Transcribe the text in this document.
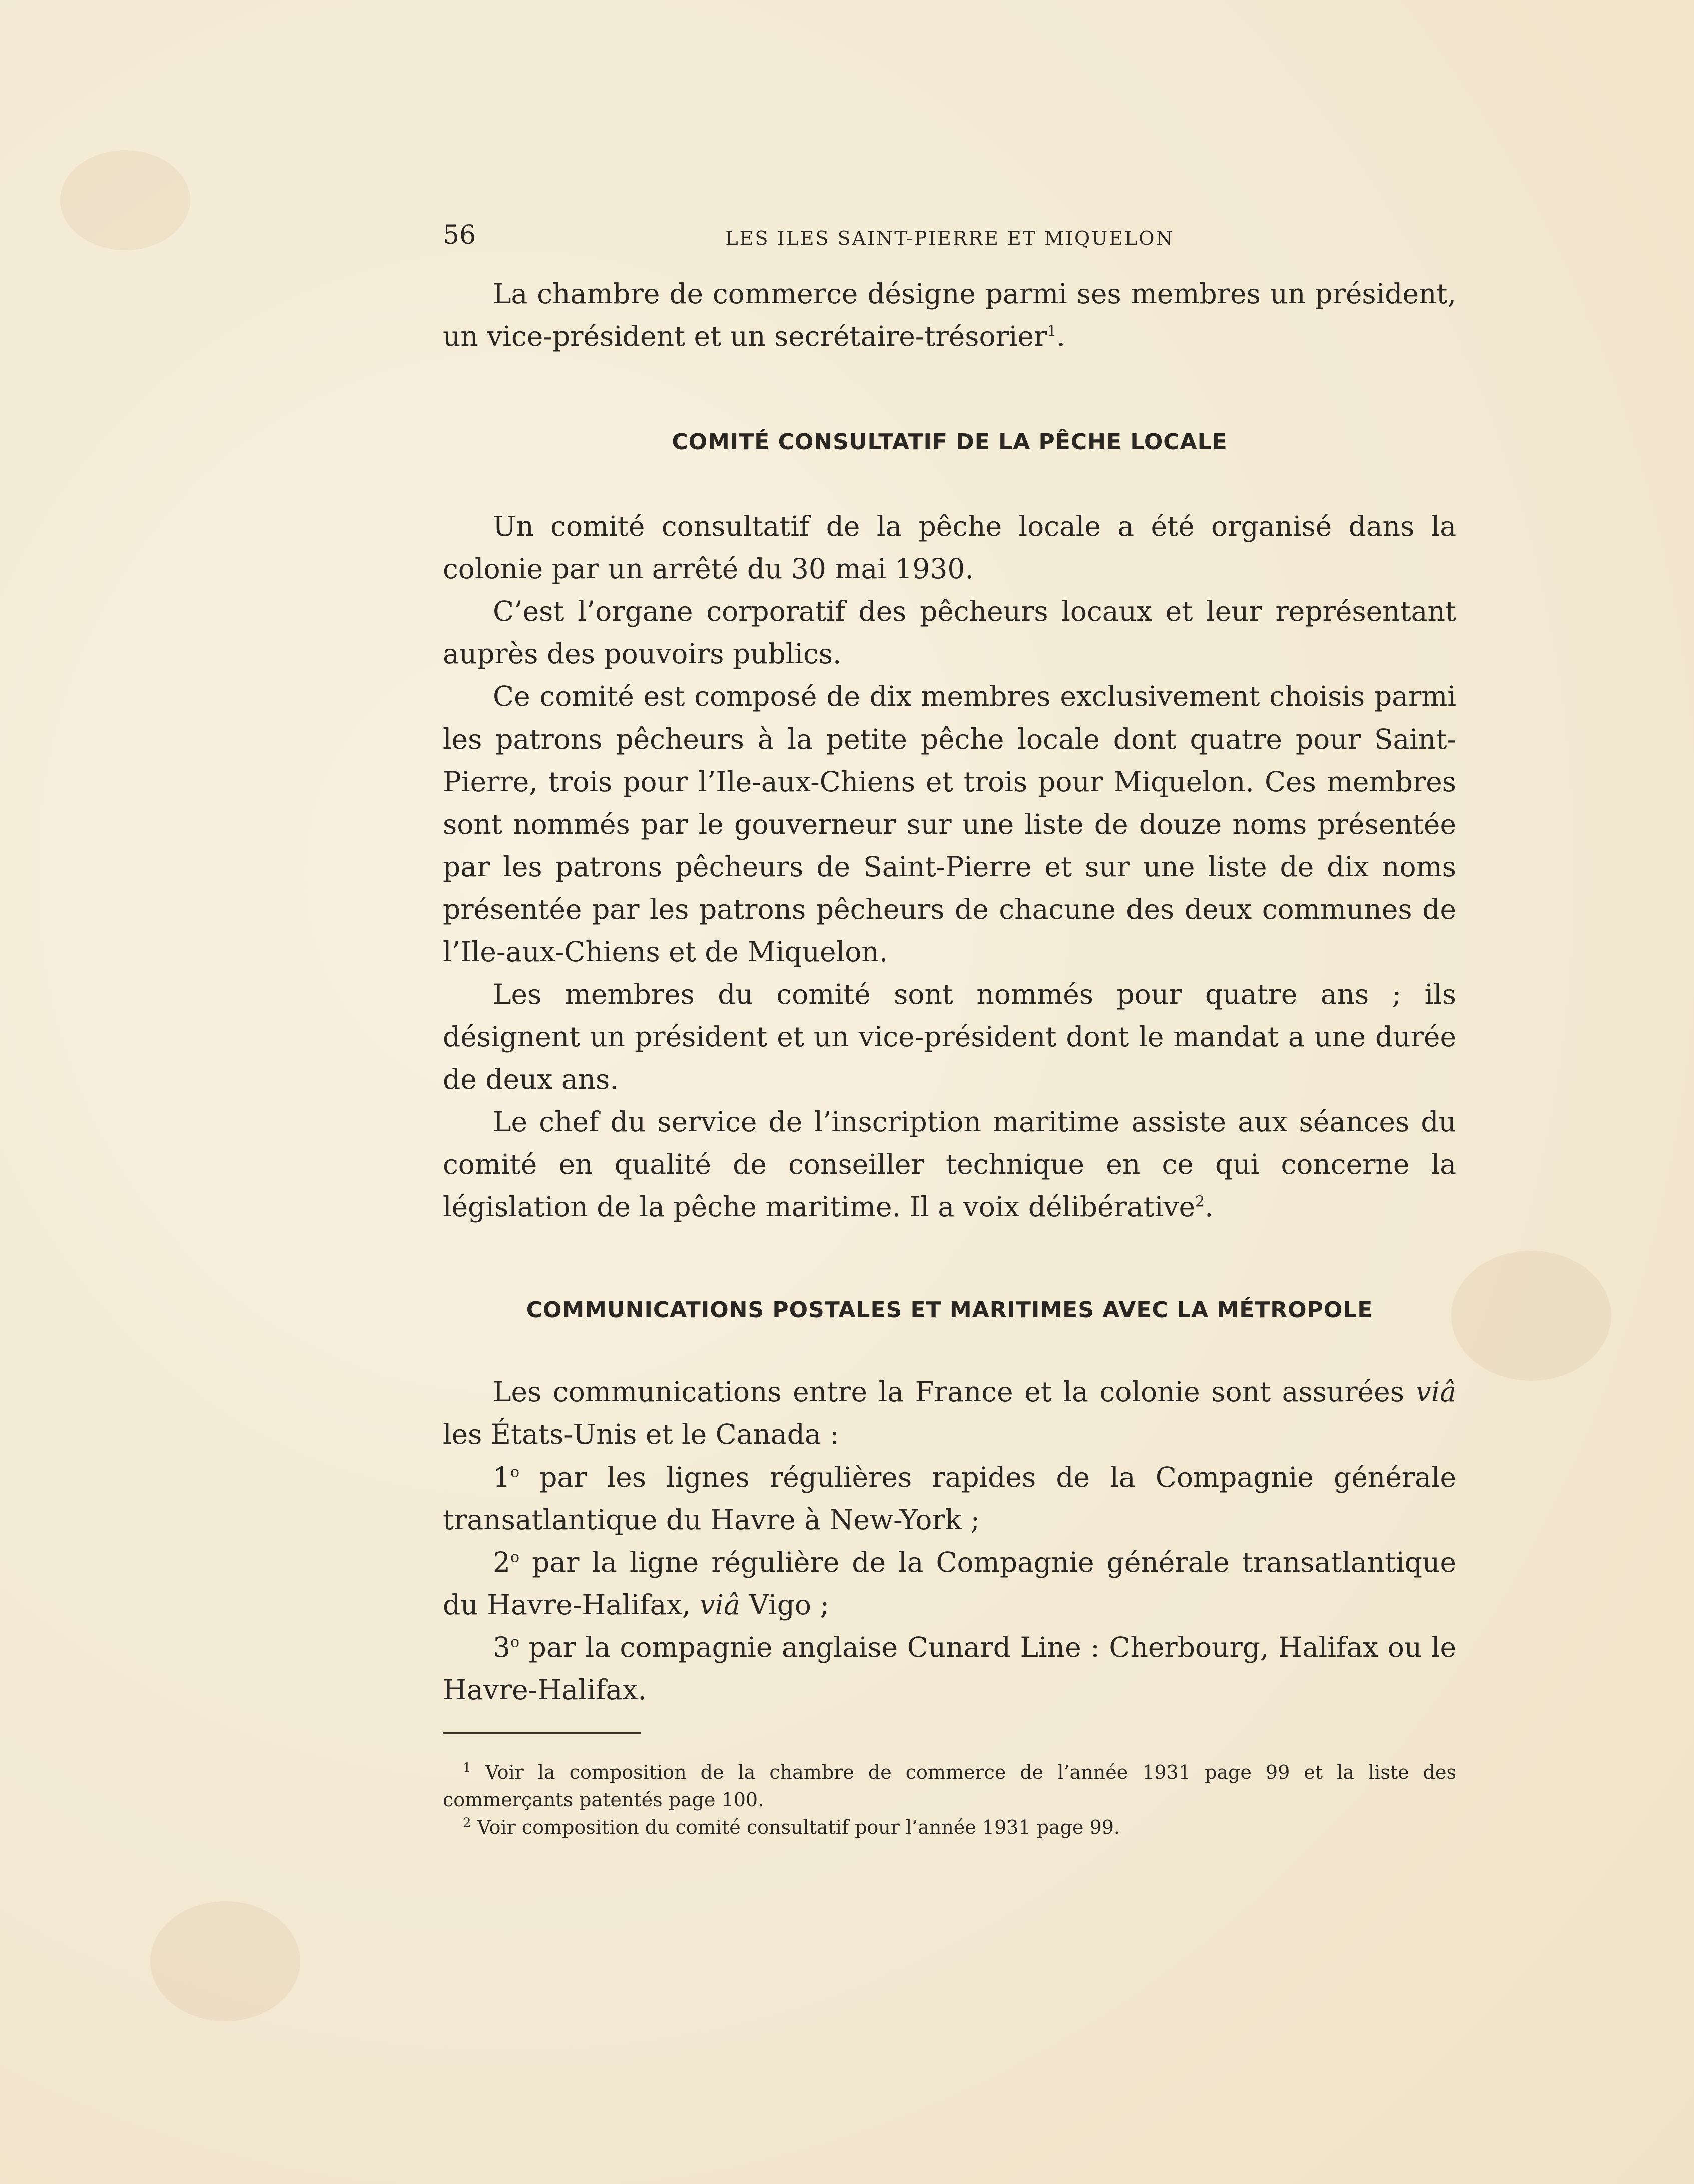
56	LES ILES SAINT-PIERRE ET MIQUELON

La chambre de commerce désigne parmi ses membres un président, un vice-président et un secrétaire-trésorier$^1$.

COMITÉ CONSULTATIF DE LA PÊCHE LOCALE

Un comité consultatif de la pêche locale a été organisé dans la colonie par un arrêté du 30 mai 1930.

C’est l’organe corporatif des pêcheurs locaux et leur représentant auprès des pouvoirs publics.

Ce comité est composé de dix membres exclusivement choisis parmi les patrons pêcheurs à la petite pêche locale dont quatre pour Saint-Pierre, trois pour l’Ile-aux-Chiens et trois pour Miquelon. Ces membres sont nommés par le gouverneur sur une liste de douze noms présentée par les patrons pêcheurs de Saint-Pierre et sur une liste de dix noms présentée par les patrons pêcheurs de chacune des deux communes de l’Ile-aux-Chiens et de Miquelon.

Les membres du comité sont nommés pour quatre ans ; ils désignent un président et un vice-président dont le mandat a une durée de deux ans.

Le chef du service de l’inscription maritime assiste aux séances du comité en qualité de conseiller technique en ce qui concerne la législation de la pêche maritime. Il a voix délibérative$^2$.

COMMUNICATIONS POSTALES ET MARITIMES AVEC LA MÉTROPOLE

Les communications entre la France et la colonie sont assurées viâ les États-Unis et le Canada :

1$^o$ par les lignes régulières rapides de la Compagnie générale transatlantique du Havre à New-York ;

2$^o$ par la ligne régulière de la Compagnie générale transatlantique du Havre-Halifax, viâ Vigo ;

3$^o$ par la compagnie anglaise Cunard Line : Cherbourg, Halifax ou le Havre-Halifax.

$^1$ Voir la composition de la chambre de commerce de l’année 1931 page 99 et la liste des commerçants patentés page 100.

$^2$ Voir composition du comité consultatif pour l’année 1931 page 99.
